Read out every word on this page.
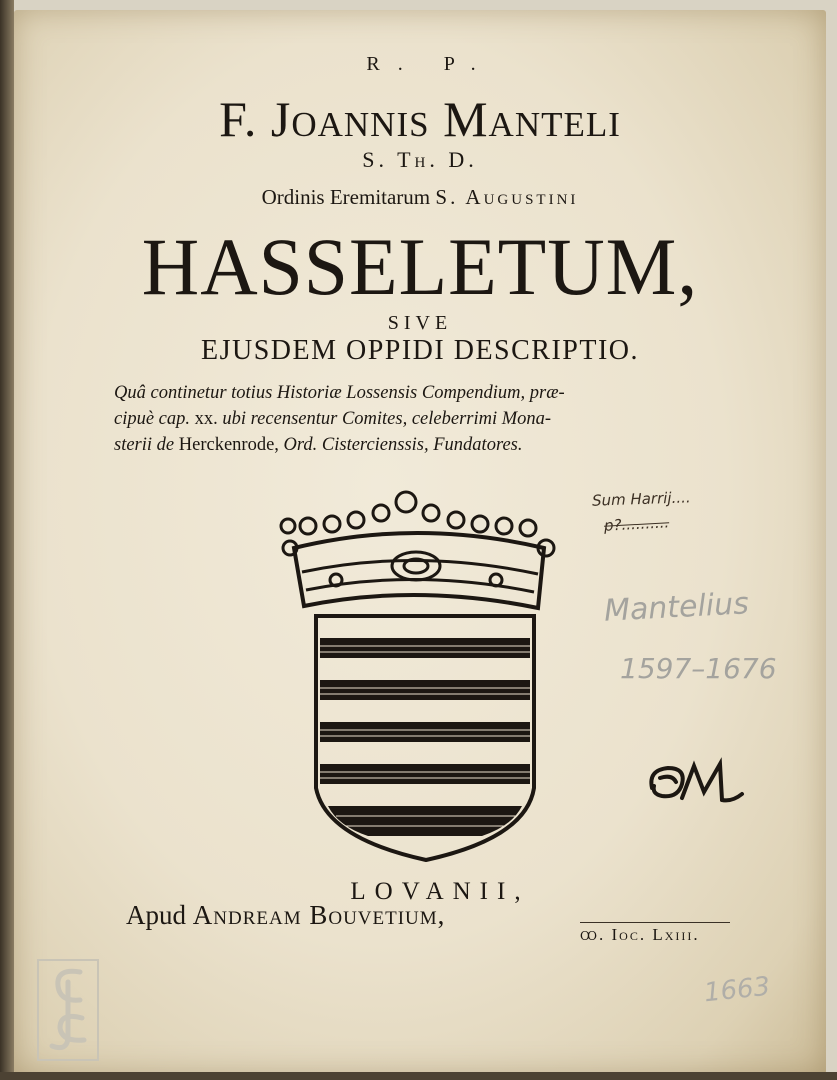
R. P.
F. Joannis Manteli
S. Th. D.
Ordinis Eremitarum S. Augustini
HASSELETUM,
SIVE
EJUSDEM OPPIDI DESCRIPTIO.
Quâ continetur totius Historiæ Lossensis Compendium, præ-
cipuè cap. xx. ubi recensentur Comites, celeberrimi Mona-
sterii de Herckenrode, Ord. Cistercienssis, Fundatores.
LOVANII,
Apud Andream Bouvetium,
ꝏ. Ioc. Lxiii.
Sum Harrij....
p?..........
Mantelius
1597–1676
1663
